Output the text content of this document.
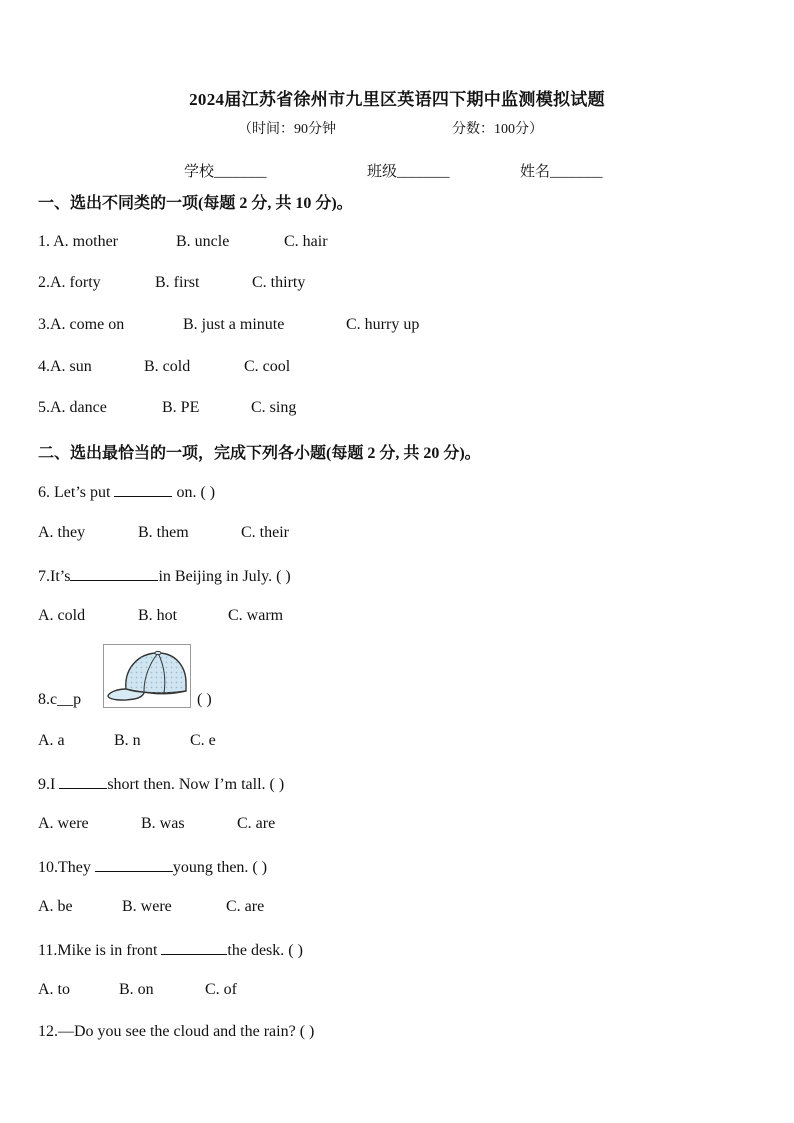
2024届江苏省徐州市九里区英语四下期中监测模拟试题
（时间：90分钟	分数：100分）
学校_______	班级_______	姓名_______
一、选出不同类的一项(每题 2 分, 共 10 分)。
1. A. mother	B. uncle	C. hair
2.A. forty	B. first	C. thirty
3.A. come on	B. just a minute	C. hurry up
4.A. sun	B. cold	C. cool
5.A. dance	B. PE	C. sing
二、选出最恰当的一项，完成下列各小题(每题 2 分, 共 20 分)。
6. Let’s put	on. ( )
A. they	B. them	C. their
7.It’s	in Beijing in July. ( )
A. cold	B. hot	C. warm
8.c__p	( )
A. a	B. n	C. e
9.I	short then. Now I’m tall. ( )
A. were	B. was	C. are
10.They	young then. ( )
A. be	B. were	C. are
11.Mike is in front	the desk. ( )
A. to	B. on	C. of
12.—Do you see the cloud and the rain? ( )
